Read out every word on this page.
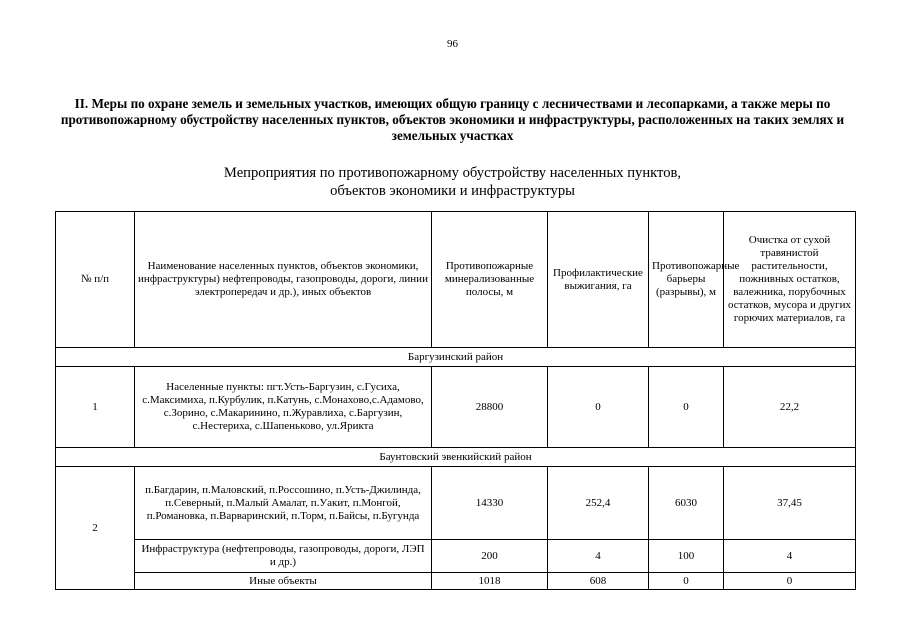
96
II. Меры по охране земель и земельных участков, имеющих общую границу с лесничествами и лесопарками, а также меры по противопожарному обустройству населенных пунктов, объектов экономики и инфраструктуры, расположенных на таких землях и земельных участках
Мепроприятия по противопожарному обустройству населенных пунктов,
объектов экономики и инфраструктуры
№ п/п	Наименование населенных пунктов, объектов экономики, инфраструктуры) нефтепроводы, газопроводы, дороги, линии электропередач и др.), иных объектов	Противопожарные минерализованные полосы, м	Профилактические выжигания, га	Противопожарные барьеры (разрывы), м	Очистка от сухой травянистой растительности, пожнивных остатков, валежника, порубочных остатков, мусора и других горючих материалов, га
Баргузинский район					
1	Населенные пункты: пгт.Усть-Баргузин, с.Гусиха, с.Максимиха, п.Курбулик, п.Катунь, с.Монахово,с.Адамово, с.Зорино, с.Макаринино, п.Журавлиха, с.Баргузин, с.Нестериха, с.Шапеньково, ул.Ярикта	28800	0	0	22,2
Баунтовский эвенкийский район					
2	п.Багдарин, п.Маловский, п.Россошино, п.Усть-Джилинда, п.Северный, п.Малый Амалат, п.Уакит, п.Монгой, п.Романовка, п.Варваринский, п.Торм, п.Байсы, п.Бугунда	14330	252,4	6030	37,45
	Инфраструктура (нефтепроводы, газопроводы, дороги, ЛЭП и др.)	200	4	100	4
	Иные объекты	1018	608	0	0
